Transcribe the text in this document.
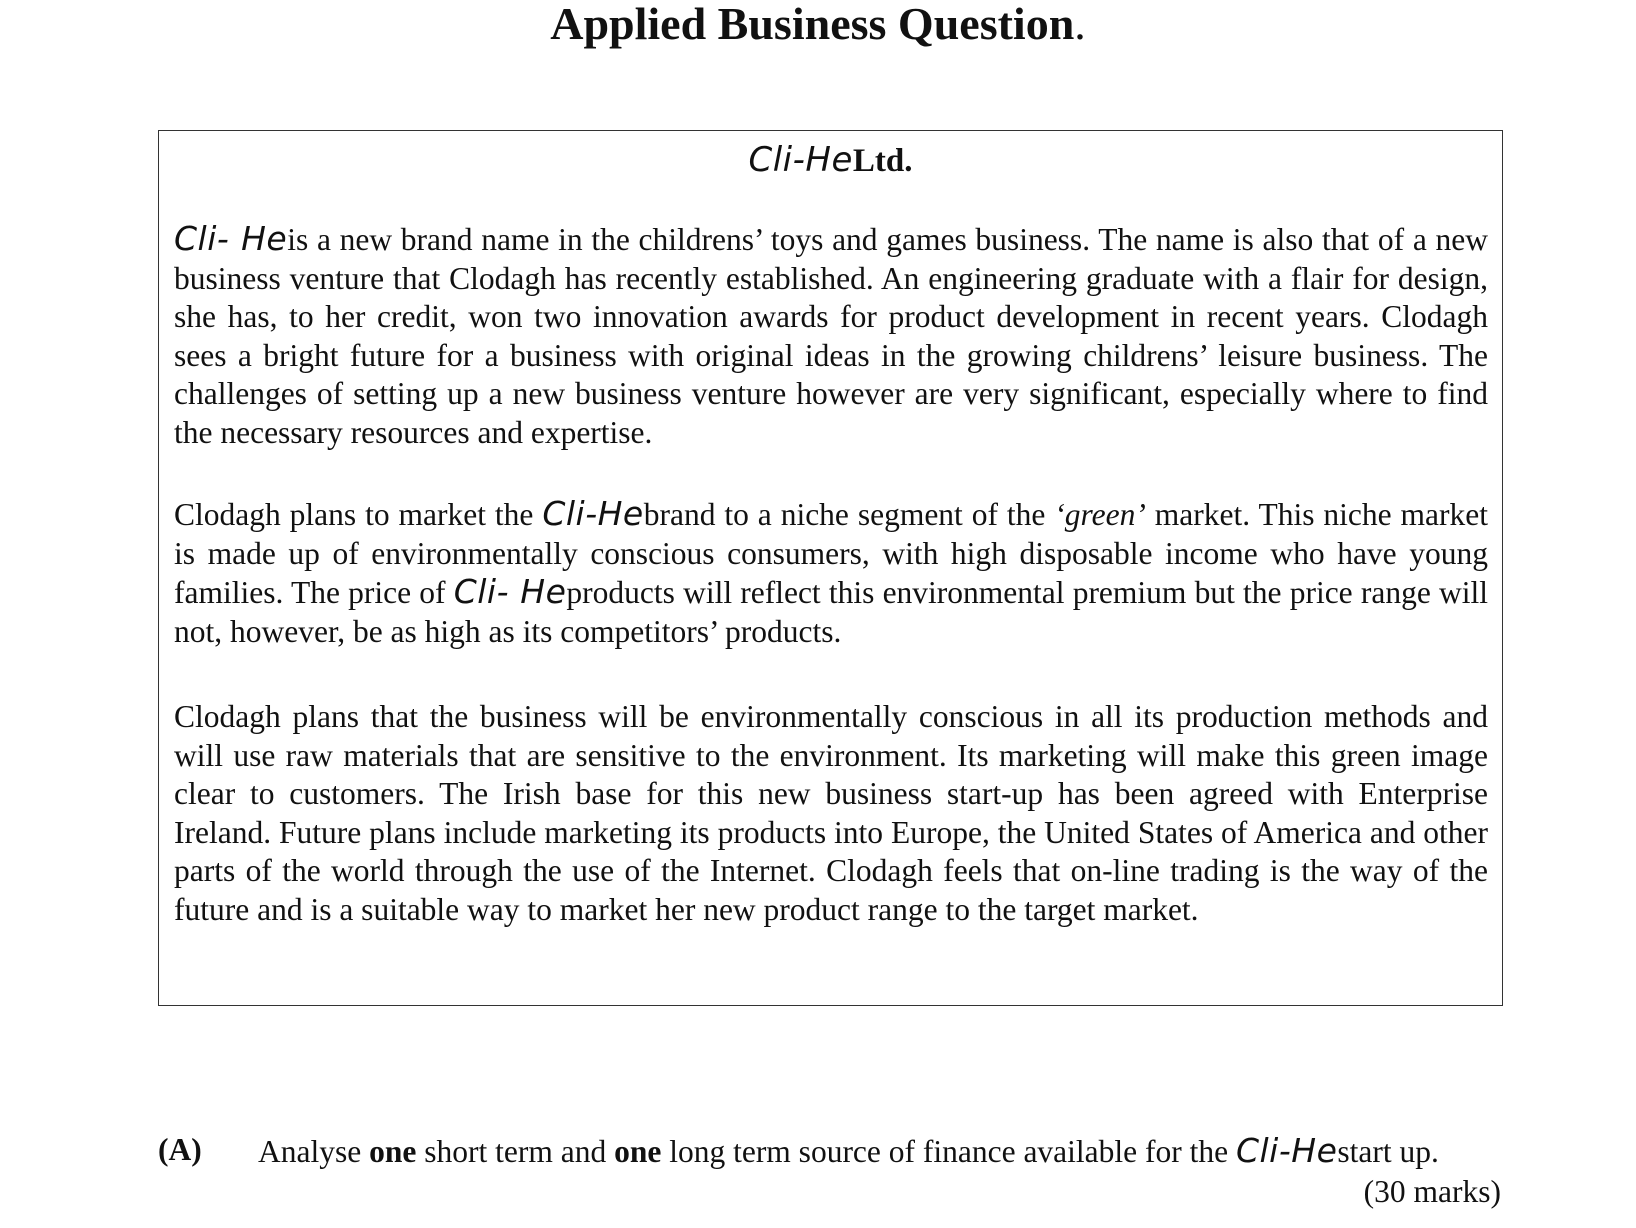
Applied Business Question.
Cli-HeLtd.

Cli- Heis a new brand name in the childrens’ toys and games business. The name is also that of a new business venture that Clodagh has recently established. An engineering graduate with a flair for design, she has, to her credit, won two innovation awards for product development in recent years. Clodagh sees a bright future for a business with original ideas in the growing childrens’ leisure business. The challenges of setting up a new business venture however are very significant, especially where to find the necessary resources and expertise.

Clodagh plans to market the Cli-Hebrand to a niche segment of the ‘green’ market. This niche market is made up of environmentally conscious consumers, with high disposable income who have young families. The price of Cli- Heproducts will reflect this environmental premium but the price range will not, however, be as high as its competitors’ products.

Clodagh plans that the business will be environmentally conscious in all its production methods and will use raw materials that are sensitive to the environment. Its marketing will make this green image clear to customers. The Irish base for this new business start-up has been agreed with Enterprise Ireland. Future plans include marketing its products into Europe, the United States of America and other parts of the world through the use of the Internet. Clodagh feels that on-line trading is the way of the future and is a suitable way to market her new product range to the target market.

(A) Analyse one short term and one long term source of finance available for the Cli-Hestart up.

(30 marks)
